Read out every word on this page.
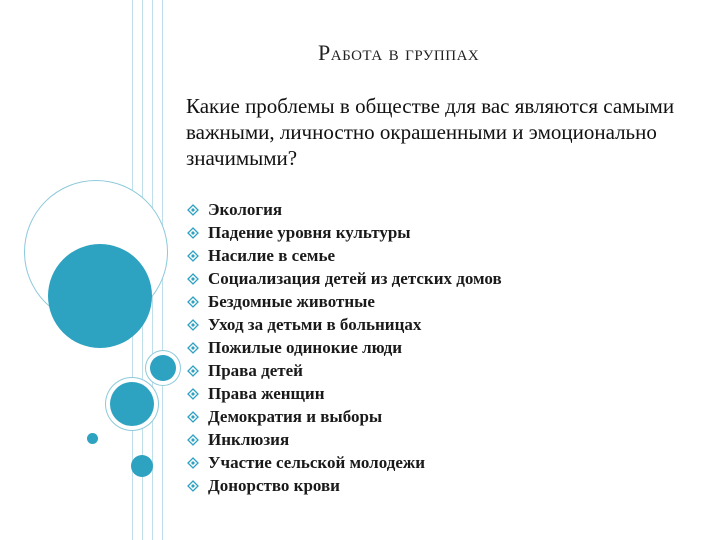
Работа в группах
Какие проблемы в обществе для вас являются самыми важными, личностно окрашенными и эмоционально значимыми?
Экология
Падение уровня культуры
Насилие в семье
Социализация детей из детских домов
Бездомные животные
Уход за детьми в больницах
Пожилые одинокие люди
Права детей
Права женщин
Демократия и выборы
Инклюзия
Участие сельской молодежи
Донорство крови
